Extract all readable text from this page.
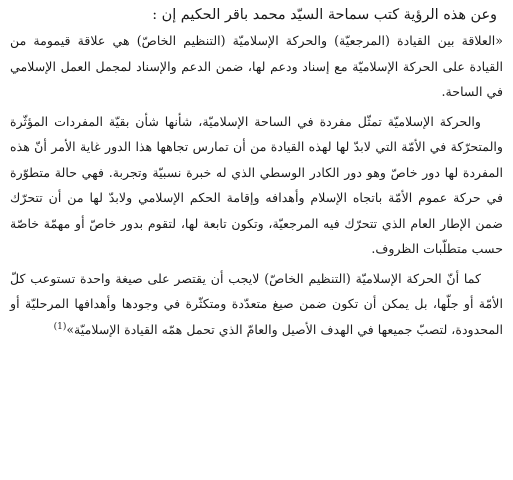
وعن هذه الرؤية كتب سماحة السيّد محمد باقر الحكيم إن :

«العلاقة بين القيادة (المرجعيّة) والحركة الإسلاميّة (التنظيم الخاصّ) هي علاقة قيمومة من القيادة على الحركة الإسلاميّة مع إسناد ودعم لها، ضمن الدعم والإسناد لمجمل العمل الإسلامي في الساحة.

والحركة الإسلاميّة تمثّل مفردة في الساحة الإسلاميّة، شأنها شأن بقيّة المفردات المؤثّرة والمتحرّكة في الأمّة التي لابدّ لها لهذه القيادة من أن تمارس تجاهها هذا الدور غاية الأمر أنّ هذه المفردة لها دور خاصّ وهو دور الكادر الوسطي الذي له خبرة نسبيّة وتجربة. فهي حالة متطوّرة في حركة عموم الأمّة باتجاه الإسلام وأهدافه وإقامة الحكم الإسلامي ولابدّ لها من أن تتحرّك ضمن الإطار العام الذي تتحرّك فيه المرجعيّة، وتكون تابعة لها، لتقوم بدور خاصّ أو مهمّة خاصّة حسب متطلّبات الظروف.

كما أنّ الحركة الإسلاميّة (التنظيم الخاصّ) لايجب أن يقتصر على صيغة واحدة تستوعب كلّ الأمّة أو جلّها، بل يمكن أن تكون ضمن صيغ متعدّدة ومتكثّرة في وجودها وأهدافها المرحليّة أو المحدودة، لتصبّ جميعها في الهدف الأصيل والعامّ الذي تحمل همّه القيادة الإسلاميّة»$^{(1)}$
